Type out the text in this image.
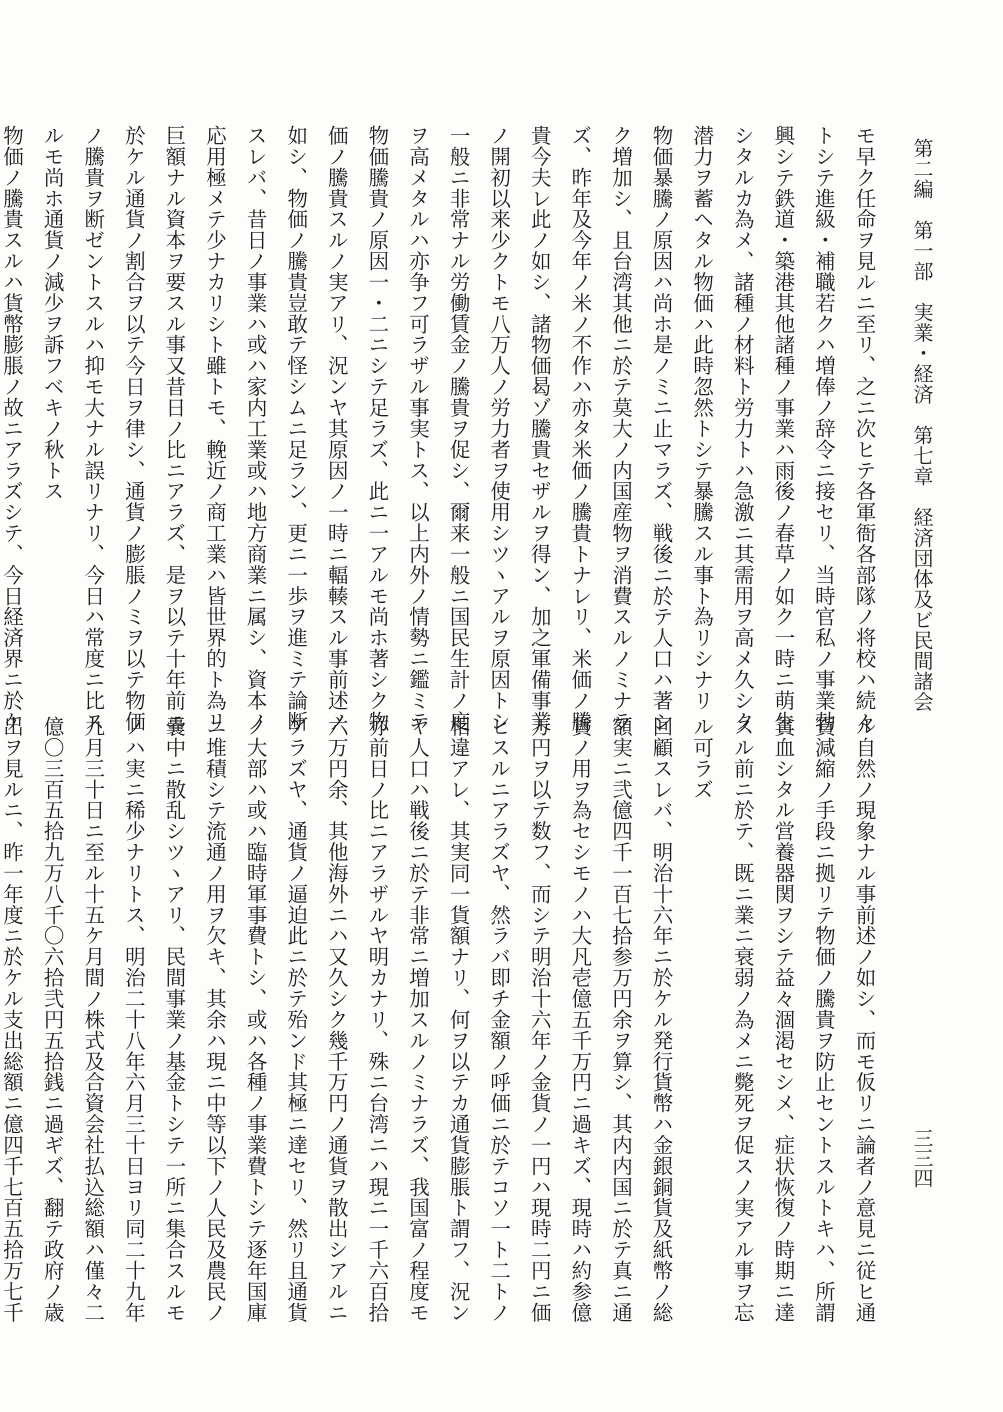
第二編　第一部　実業・経済　第七章　経済団体及ビ民間諸会
三三四
モ早ク任命ヲ見ルニ至リ、之ニ次ヒテ各軍衙各部隊ノ将校ハ続々
トシテ進級・補職若クハ増俸ノ辞令ニ接セリ、当時官私ノ事業勃
興シテ鉄道・築港其他諸種ノ事業ハ雨後ノ春草ノ如ク一時ニ萌生
シタルカ為メ、諸種ノ材料ト労力トハ急激ニ其需用ヲ高メ久シク
潜力ヲ蓄ヘタル物価ハ此時忽然トシテ暴騰スル事ト為リシナリ
物価暴騰ノ原因ハ尚ホ是ノミニ止マラズ、戦後ニ於テ人口ハ著シ
ク増加シ、且台湾其他ニ於テ莫大ノ内国産物ヲ消費スルノミナラ
ズ、昨年及今年ノ米ノ不作ハ亦タ米価ノ騰貴トナレリ、米価ノ騰
貴今夫レ此ノ如シ、諸物価曷ゾ騰貴セザルヲ得ン、加之軍備事業
ノ開初以来少クトモ八万人ノ労力者ヲ使用シツヽアルヲ原因トシ
一般ニ非常ナル労働賃金ノ騰貴ヲ促シ、爾来一般ニ国民生計ノ度
ヲ高メタルハ亦争フ可ラザル事実トス、以上内外ノ情勢ニ鑑ミテ
物価騰貴ノ原因一・二ニシテ足ラズ、此ニ一アルモ尚ホ著シク物
価ノ騰貴スルノ実アリ、況ンヤ其原因ノ一時ニ輻輳スル事前述ノ
如シ、物価ノ騰貴豈敢テ怪シムニ足ラン、更ニ一歩ヲ進ミテ論断
スレバ、昔日ノ事業ハ或ハ家内工業或ハ地方商業ニ属シ、資本ノ
応用極メテ少ナカリシト雖トモ、輓近ノ商工業ハ皆世界的ト為リ
巨額ナル資本ヲ要スル事又昔日ノ比ニアラズ、是ヲ以テ十年前ニ
於ケル通貨ノ割合ヲ以テ今日ヲ律シ、通貨ノ膨脹ノミヲ以テ物価
ノ騰貴ヲ断ゼントスルハ抑モ大ナル誤リナリ、今日ハ常度ニ比ス
ルモ尚ホ通貨ノ減少ヲ訴フベキノ秋トス
物価ノ騰貴スルハ貨幣膨脹ノ故ニアラズシテ、今日経済界ニ於ケ
ル自然ノ現象ナル事前述ノ如シ、而モ仮リニ論者ノ意見ニ従ヒ通
貨減縮ノ手段ニ拠リテ物価ノ騰貴ヲ防止セントスルトキハ、所謂
貧血シタル営養器関ヲシテ益々涸渇セシメ、症状恢復ノ時期ニ達
スル前ニ於テ、既ニ業ニ衰弱ノ為メニ斃死ヲ促スノ実アル事ヲ忘
ル可ラズ
回顧スレバ、明治十六年ニ於ケル発行貨幣ハ金銀銅貨及紙幣ノ総
額実ニ弐億四千一百七拾参万円余ヲ算シ、其内内国ニ於テ真ニ通
貨ノ用ヲ為セシモノハ大凡壱億五千万円ニ過キズ、現時ハ約参億
万円ヲ以テ数フ、而シテ明治十六年ノ金貨ノ一円ハ現時二円ニ価
ヒスルニアラズヤ、然ラバ即チ金額ノ呼価ニ於テコソ一ト二トノ
相違アレ、其実同一貨額ナリ、何ヲ以テカ通貨膨脹ト謂フ、況ン
ヤ人口ハ戦後ニ於テ非常ニ増加スルノミナラズ、我国富ノ程度モ
亦前日ノ比ニアラザルヤ明カナリ、殊ニ台湾ニハ現ニ一千六百拾
六万円余、其他海外ニハ又久シク幾千万円ノ通貨ヲ散出シアルニ
アラズヤ、通貨ノ逼迫此ニ於テ殆ンド其極ニ達セリ、然リ且通貨
ノ大部ハ或ハ臨時軍事費トシ、或ハ各種ノ事業費トシテ逐年国庫
ニ堆積シテ流通ノ用ヲ欠キ、其余ハ現ニ中等以下ノ人民及農民ノ
嚢中ニ散乱シツヽアリ、民間事業ノ基金トシテ一所ニ集合スルモ
ノハ実ニ稀少ナリトス、明治二十八年六月三十日ヨリ同二十九年
九月三十日ニ至ル十五ケ月間ノ株式及合資会社払込総額ハ僅々二
億〇三百五拾九万八千〇六拾弐円五拾銭ニ過ギズ、翻テ政府ノ歳
出ヲ見ルニ、昨一年度ニ於ケル支出総額ニ億四千七百五拾万七千
